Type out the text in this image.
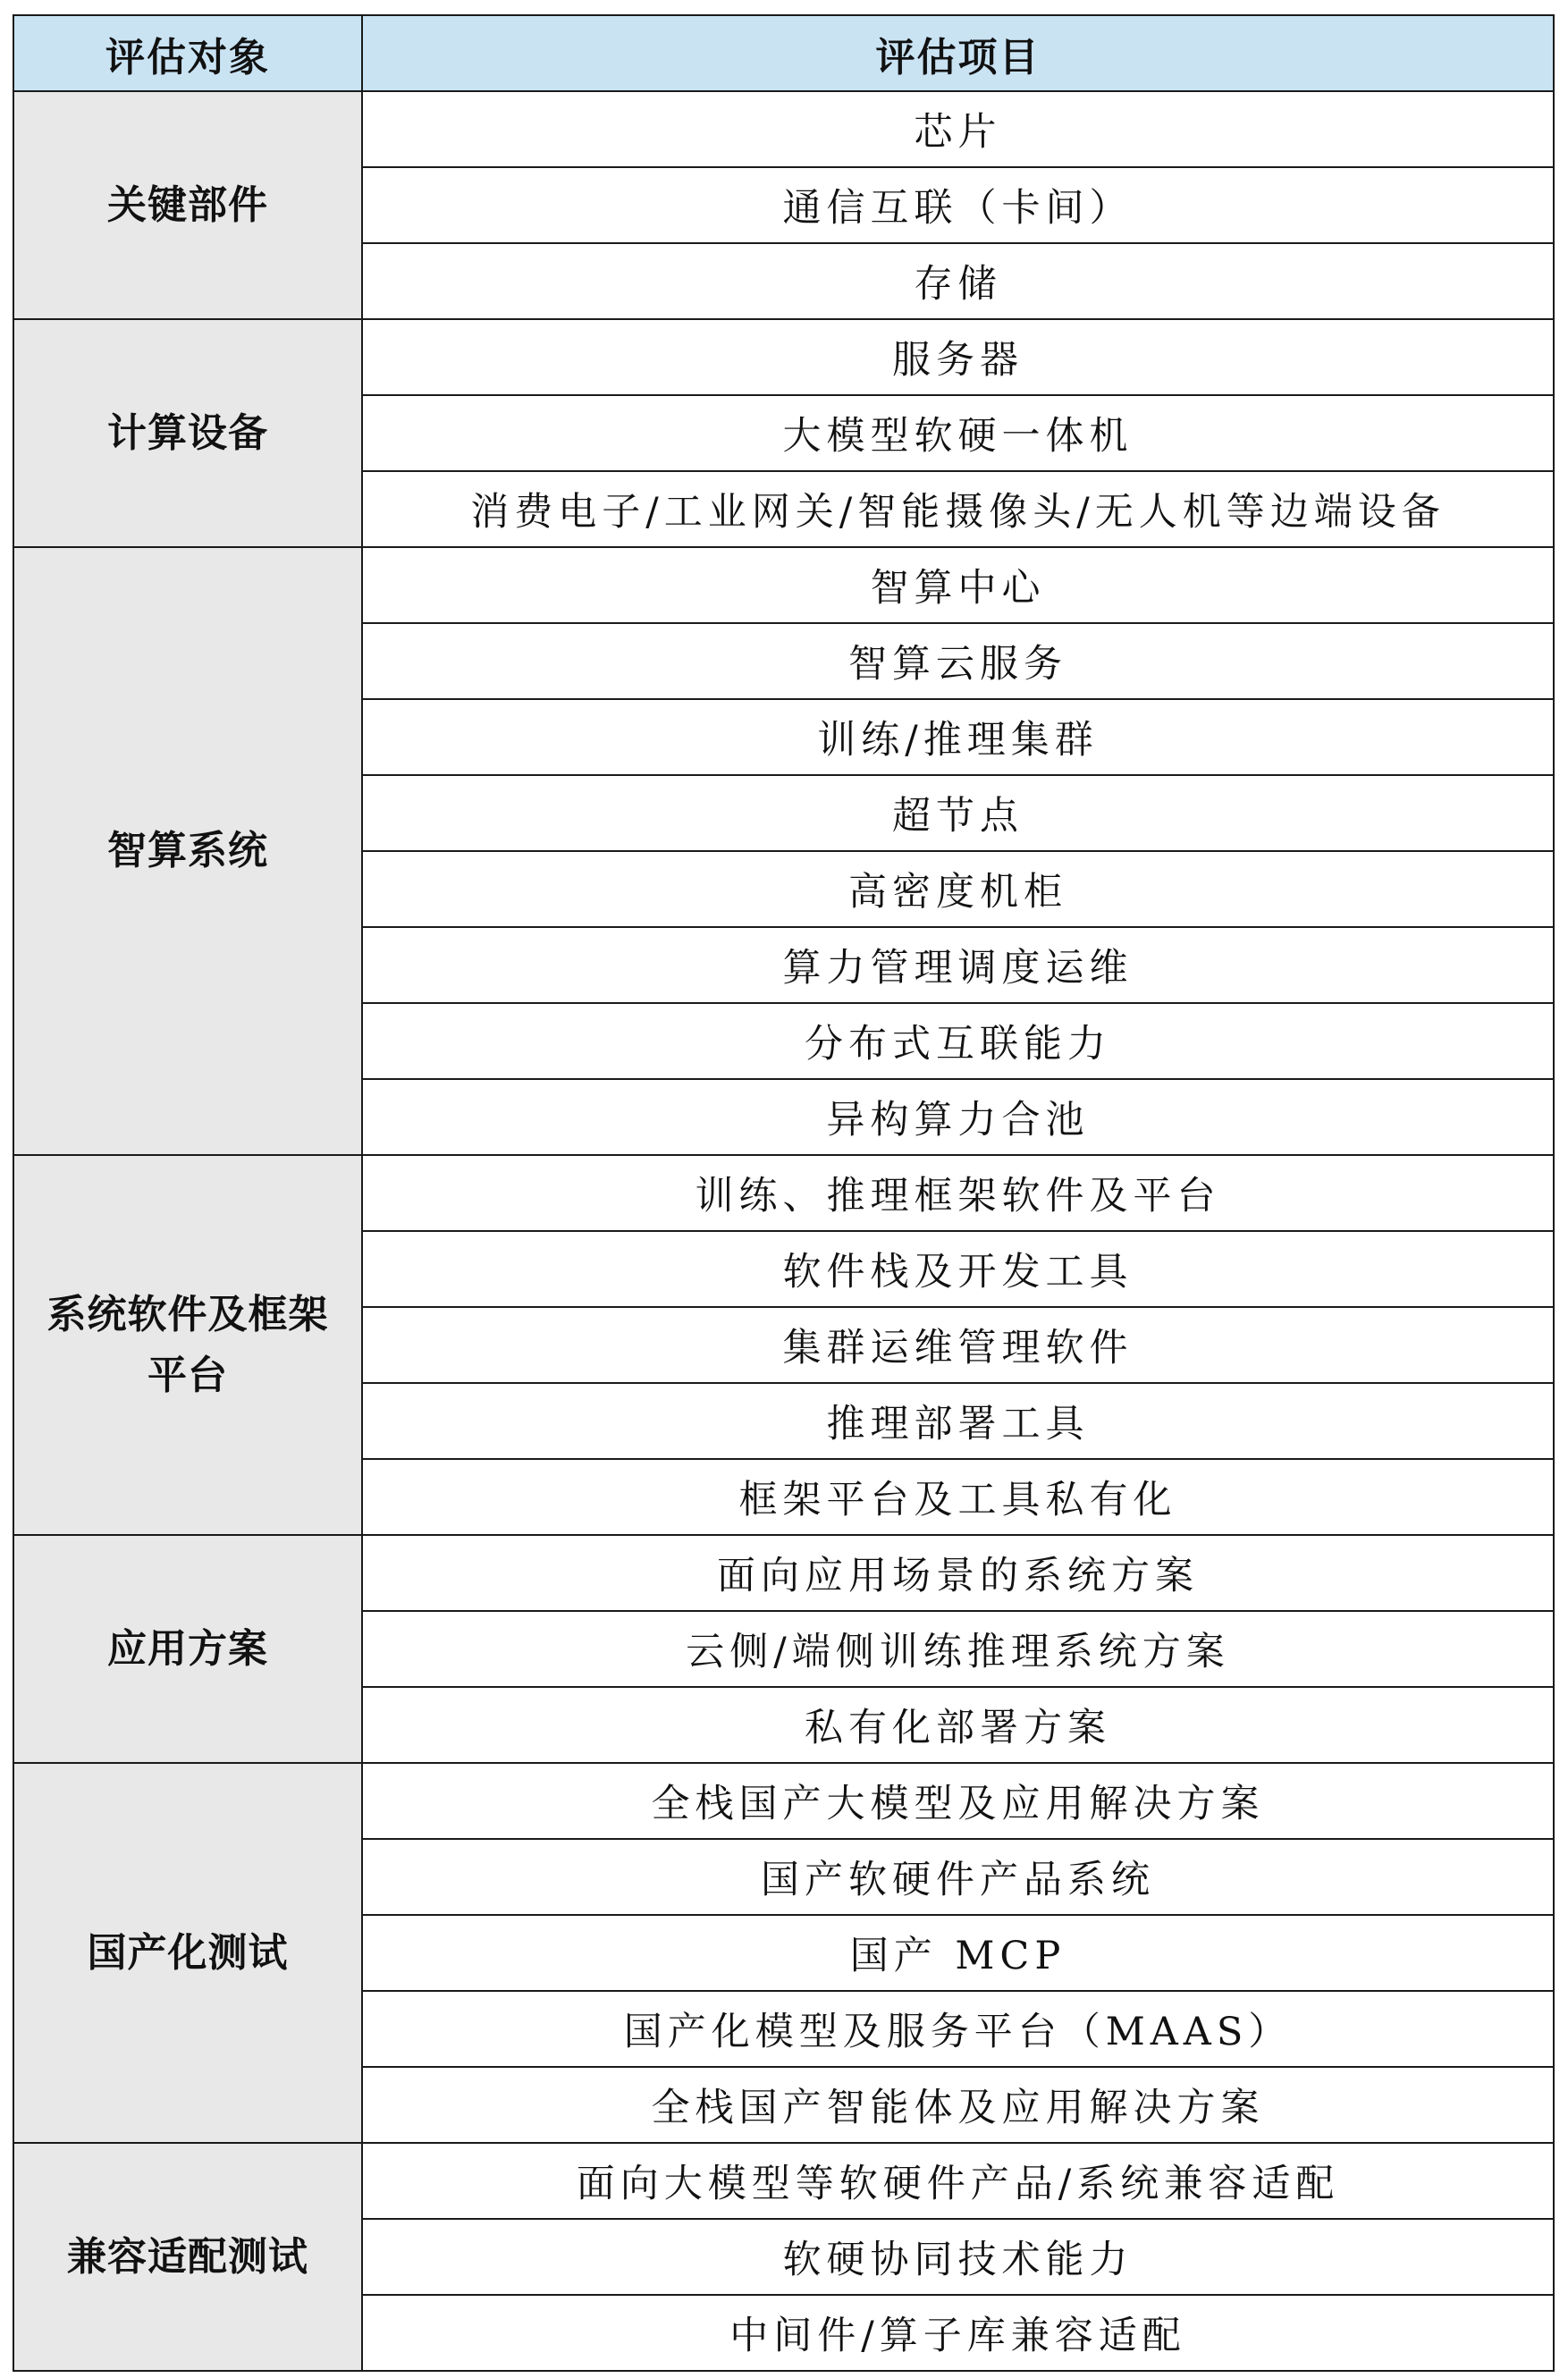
评估对象	评估项目
关键部件	芯片
	通信互联（卡间）
	存储
计算设备	服务器
	大模型软硬一体机
	消费电子/工业网关/智能摄像头/无人机等边端设备
智算系统	智算中心
	智算云服务
	训练/推理集群
	超节点
	高密度机柜
	算力管理调度运维
	分布式互联能力
	异构算力合池
系统软件及框架平台	训练、推理框架软件及平台
	软件栈及开发工具
	集群运维管理软件
	推理部署工具
	框架平台及工具私有化
应用方案	面向应用场景的系统方案
	云侧/端侧训练推理系统方案
	私有化部署方案
国产化测试	全栈国产大模型及应用解决方案
	国产软硬件产品系统
	国产 MCP
	国产化模型及服务平台（MAAS）
	全栈国产智能体及应用解决方案
兼容适配测试	面向大模型等软硬件产品/系统兼容适配
	软硬协同技术能力
	中间件/算子库兼容适配
